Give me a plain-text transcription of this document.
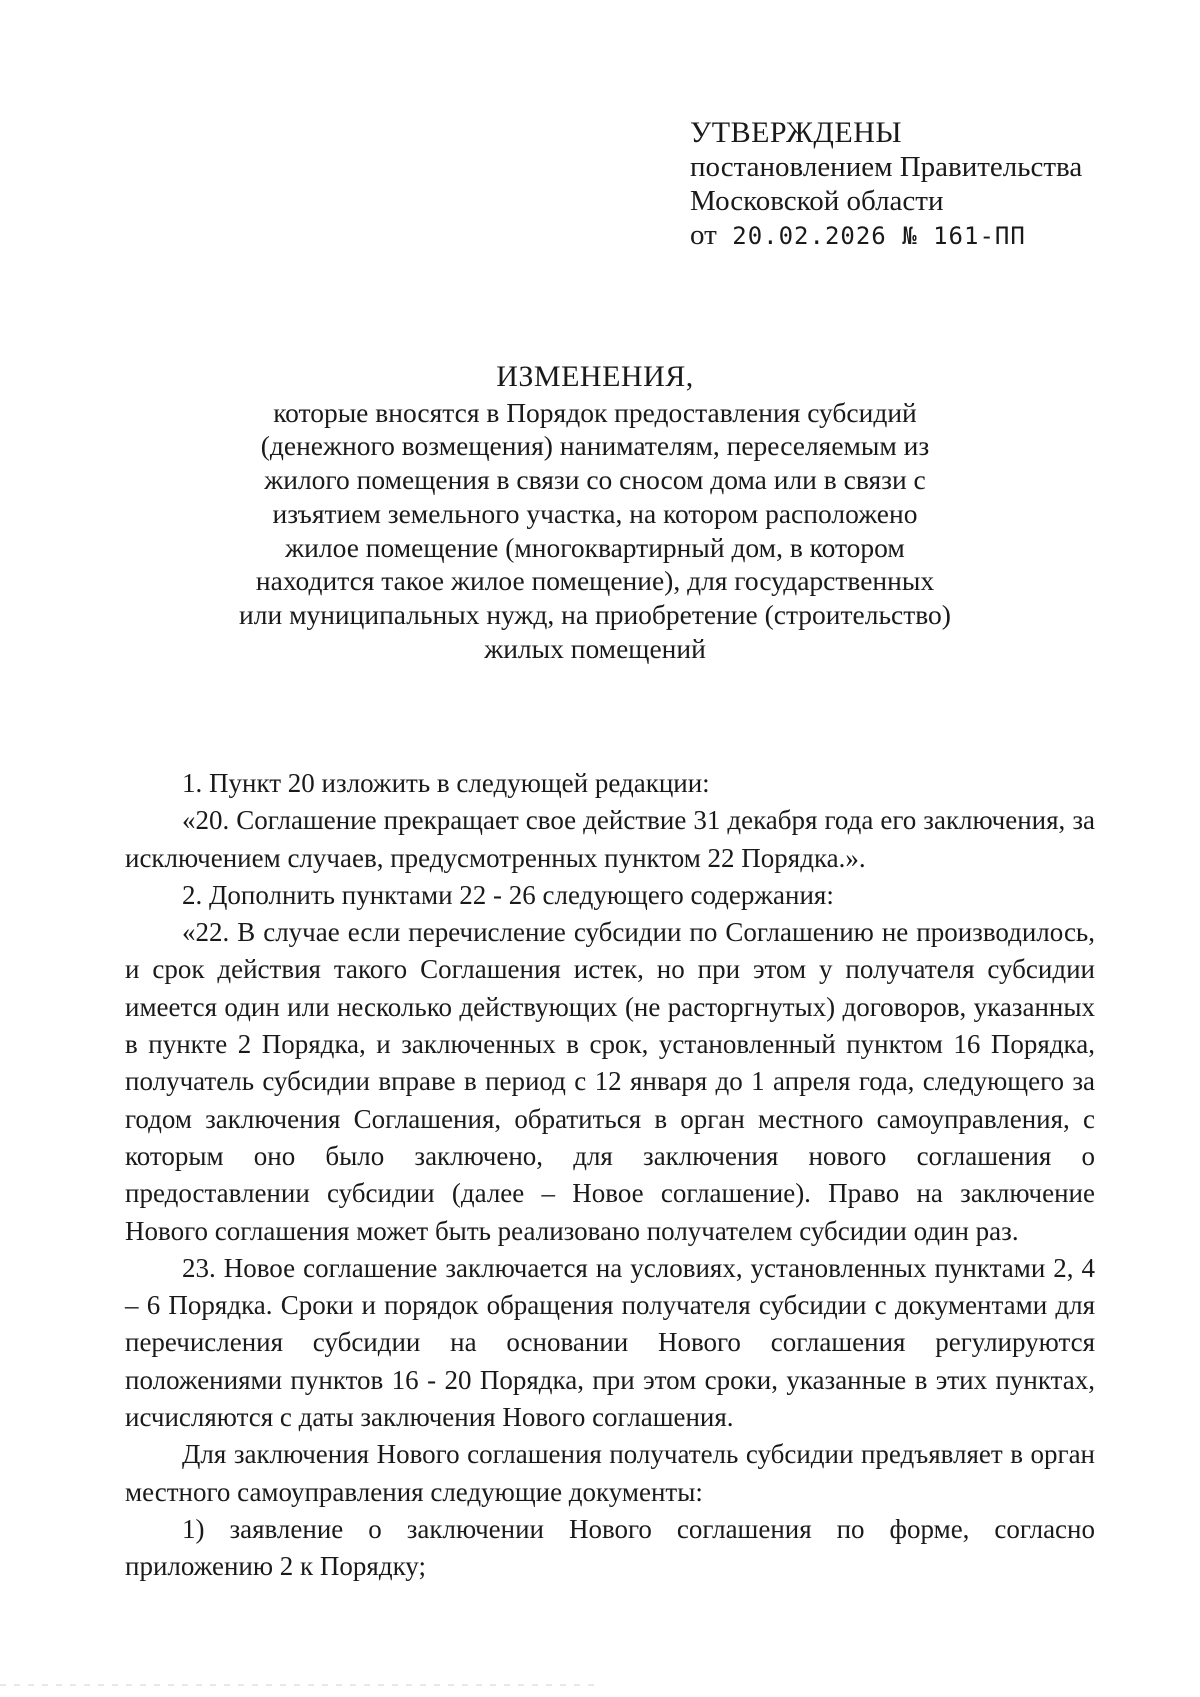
УТВЕРЖДЕНЫ
постановлением Правительства
Московской области
от 20.02.2026 № 161-ПП
ИЗМЕНЕНИЯ,
которые вносятся в Порядок предоставления субсидий
(денежного возмещения) нанимателям, переселяемым из
жилого помещения в связи со сносом дома или в связи с
изъятием земельного участка, на котором расположено
жилое помещение (многоквартирный дом, в котором
находится такое жилое помещение), для государственных
или муниципальных нужд, на приобретение (строительство)
жилых помещений

1. Пункт 20 изложить в следующей редакции:

«20. Соглашение прекращает свое действие 31 декабря года его заключения, за исключением случаев, предусмотренных пунктом 22 Порядка.».

2. Дополнить пунктами 22 - 26 следующего содержания:

«22. В случае если перечисление субсидии по Соглашению не производилось, и срок действия такого Соглашения истек, но при этом у получателя субсидии имеется один или несколько действующих (не расторгнутых) договоров, указанных в пункте 2 Порядка, и заключенных в срок, установленный пунктом 16 Порядка, получатель субсидии вправе в период с 12 января до 1 апреля года, следующего за годом заключения Соглашения, обратиться в орган местного самоуправления, с которым оно было заключено, для заключения нового соглашения о предоставлении субсидии (далее – Новое соглашение). Право на заключение Нового соглашения может быть реализовано получателем субсидии один раз.

23. Новое соглашение заключается на условиях, установленных пунктами 2, 4 – 6 Порядка. Сроки и порядок обращения получателя субсидии с документами для перечисления субсидии на основании Нового соглашения регулируются положениями пунктов 16 - 20 Порядка, при этом сроки, указанные в этих пунктах, исчисляются с даты заключения Нового соглашения.

Для заключения Нового соглашения получатель субсидии предъявляет в орган местного самоуправления следующие документы:

1) заявление о заключении Нового соглашения по форме, согласно приложению 2 к Порядку;
